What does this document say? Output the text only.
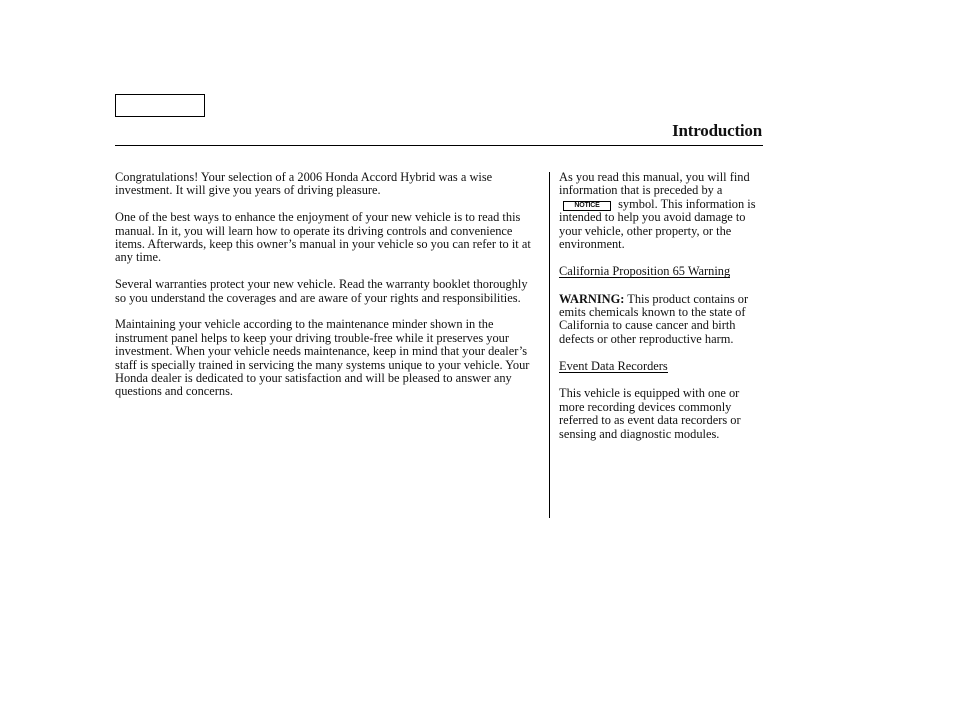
Introduction

Congratulations! Your selection of a 2006 Honda Accord Hybrid was a wise investment. It will give you years of driving pleasure.

One of the best ways to enhance the enjoyment of your new vehicle is to read this manual. In it, you will learn how to operate its driving controls and convenience items. Afterwards, keep this owner’s manual in your vehicle so you can refer to it at any time.

Several warranties protect your new vehicle. Read the warranty booklet thoroughly so you understand the coverages and are aware of your rights and responsibilities.

Maintaining your vehicle according to the maintenance minder shown in the instrument panel helps to keep your driving trouble-free while it preserves your investment. When your vehicle needs maintenance, keep in mind that your dealer’s staff is specially trained in servicing the many systems unique to your vehicle. Your Honda dealer is dedicated to your satisfaction and will be pleased to answer any questions and concerns.

As you read this manual, you will find information that is preceded by a NOTICE symbol. This information is intended to help you avoid damage to your vehicle, other property, or the environment.

California Proposition 65 Warning

WARNING: This product contains or emits chemicals known to the state of California to cause cancer and birth defects or other reproductive harm.

Event Data Recorders

This vehicle is equipped with one or more recording devices commonly referred to as event data recorders or sensing and diagnostic modules.
